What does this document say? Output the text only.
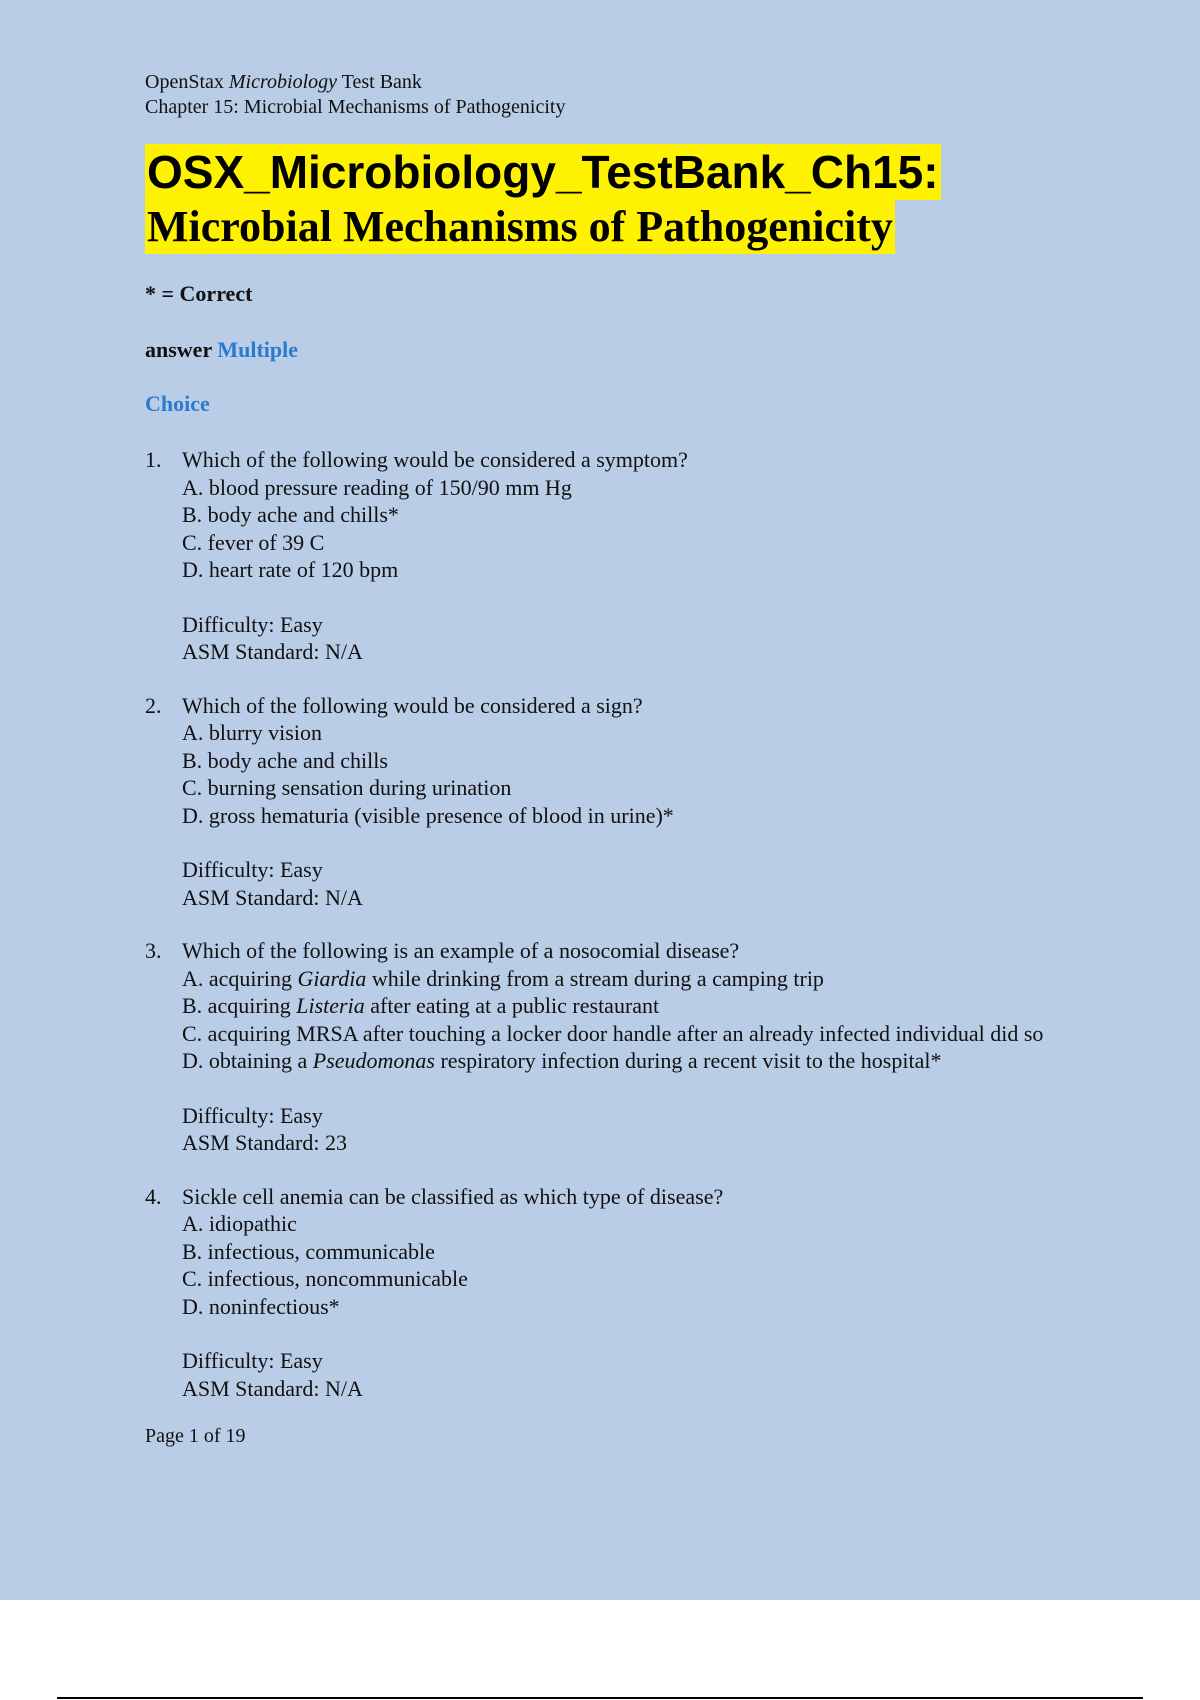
OpenStax Microbiology Test Bank

Chapter 15: Microbial Mechanisms of Pathogenicity

OSX_Microbiology_TestBank_Ch15:
Microbial Mechanisms of Pathogenicity
* = Correct
answer Multiple
Choice
1. Which of the following would be considered a symptom?
A. blood pressure reading of 150/90 mm Hg
B. body ache and chills*
C. fever of 39 C
D. heart rate of 120 bpm
Difficulty: Easy
ASM Standard: N/A
2. Which of the following would be considered a sign?
A. blurry vision
B. body ache and chills
C. burning sensation during urination
D. gross hematuria (visible presence of blood in urine)*
Difficulty: Easy
ASM Standard: N/A
3. Which of the following is an example of a nosocomial disease?
A. acquiring Giardia while drinking from a stream during a camping trip
B. acquiring Listeria after eating at a public restaurant
C. acquiring MRSA after touching a locker door handle after an already infected individual did so
D. obtaining a Pseudomonas respiratory infection during a recent visit to the hospital*
Difficulty: Easy
ASM Standard: 23
4. Sickle cell anemia can be classified as which type of disease?
A. idiopathic
B. infectious, communicable
C. infectious, noncommunicable
D. noninfectious*
Difficulty: Easy
ASM Standard: N/A
Page 1 of 19
